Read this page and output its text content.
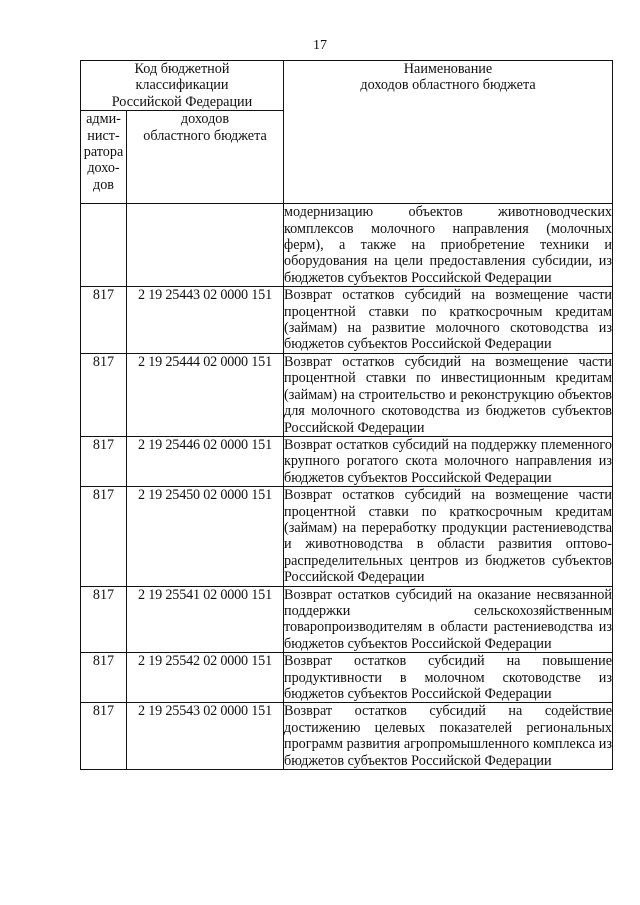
17
Код бюджетной
классификации
Российской Федерации		Наименование
доходов областного бюджета

адми-
нист-
ратора
дохо-
дов	доходов
областного бюджета	

		модернизацию объектов животноводческих комплексов молочного направления (молочных ферм), а также на приобретение техники и оборудования на цели предоставления субсидии, из бюджетов субъектов Российской Федерации
817	2 19 25443 02 0000 151	Возврат остатков субсидий на возмещение части процентной ставки по краткосрочным кредитам (займам) на развитие молочного скотоводства из бюджетов субъектов Российской Федерации
817	2 19 25444 02 0000 151	Возврат остатков субсидий на возмещение части процентной ставки по инвестиционным кредитам (займам) на строительство и реконструкцию объектов для молочного скотоводства из бюджетов субъектов Российской Федерации
817	2 19 25446 02 0000 151	Возврат остатков субсидий на поддержку племенного крупного рогатого скота молочного направления из бюджетов субъектов Российской Федерации
817	2 19 25450 02 0000 151	Возврат остатков субсидий на возмещение части процентной ставки по краткосрочным кредитам (займам) на переработку продукции растениеводства и животноводства в области развития оптово-распределительных центров из бюджетов субъектов Российской Федерации
817	2 19 25541 02 0000 151	Возврат остатков субсидий на оказание несвязанной поддержки сельскохозяйственным товаропроизводителям в области растениеводства из бюджетов субъектов Российской Федерации
817	2 19 25542 02 0000 151	Возврат остатков субсидий на повышение продуктивности в молочном скотоводстве из бюджетов субъектов Российской Федерации
817	2 19 25543 02 0000 151	Возврат остатков субсидий на содействие достижению целевых показателей региональных программ развития агропромышленного комплекса из бюджетов субъектов Российской Федерации
